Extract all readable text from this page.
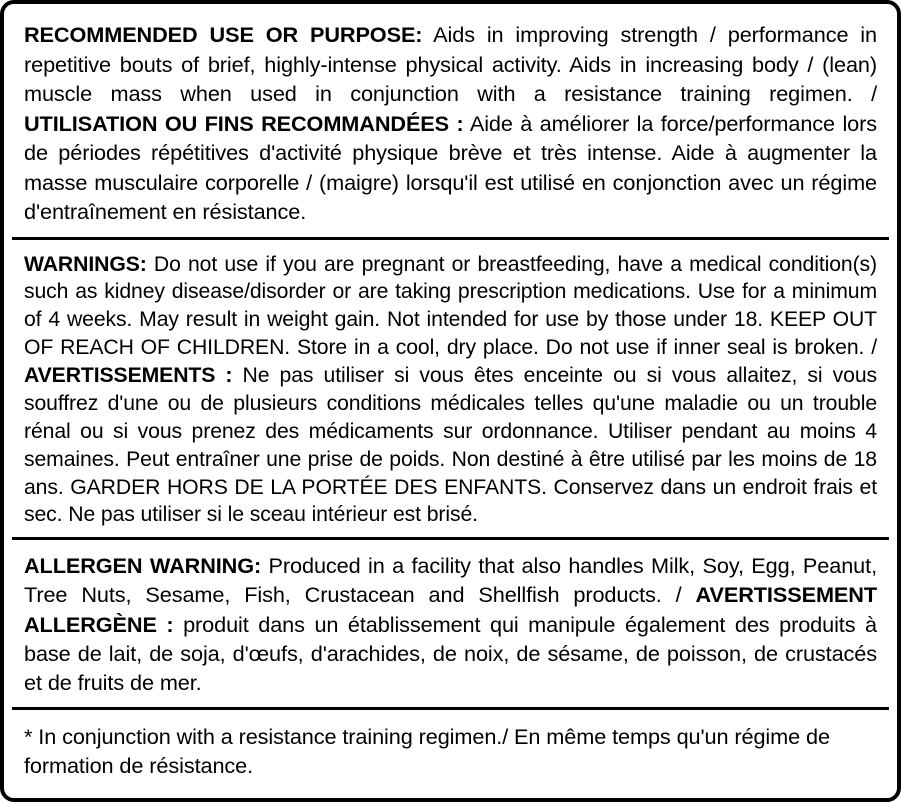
RECOMMENDED USE OR PURPOSE: Aids in improving strength / performance in repetitive bouts of brief, highly-intense physical activity. Aids in increasing body / (lean) muscle mass when used in conjunction with a resistance training regimen. / UTILISATION OU FINS RECOMMANDÉES : Aide à améliorer la force/performance lors de périodes répétitives d'activité physique brève et très intense. Aide à augmenter la masse musculaire corporelle / (maigre) lorsqu'il est utilisé en conjonction avec un régime d'entraînement en résistance.

WARNINGS: Do not use if you are pregnant or breastfeeding, have a medical condition(s) such as kidney disease/disorder or are taking prescription medications. Use for a minimum of 4 weeks. May result in weight gain. Not intended for use by those under 18. KEEP OUT OF REACH OF CHILDREN. Store in a cool, dry place. Do not use if inner seal is broken. / AVERTISSEMENTS : Ne pas utiliser si vous êtes enceinte ou si vous allaitez, si vous souffrez d'une ou de plusieurs conditions médicales telles qu'une maladie ou un trouble rénal ou si vous prenez des médicaments sur ordonnance. Utiliser pendant au moins 4 semaines. Peut entraîner une prise de poids. Non destiné à être utilisé par les moins de 18 ans. GARDER HORS DE LA PORTÉE DES ENFANTS. Conservez dans un endroit frais et sec. Ne pas utiliser si le sceau intérieur est brisé.

ALLERGEN WARNING: Produced in a facility that also handles Milk, Soy, Egg, Peanut, Tree Nuts, Sesame, Fish, Crustacean and Shellfish products. / AVERTISSEMENT ALLERGÈNE : produit dans un établissement qui manipule également des produits à base de lait, de soja, d'œufs, d'arachides, de noix, de sésame, de poisson, de crustacés et de fruits de mer.

* In conjunction with a resistance training regimen./ En même temps qu'un régime de formation de résistance.
